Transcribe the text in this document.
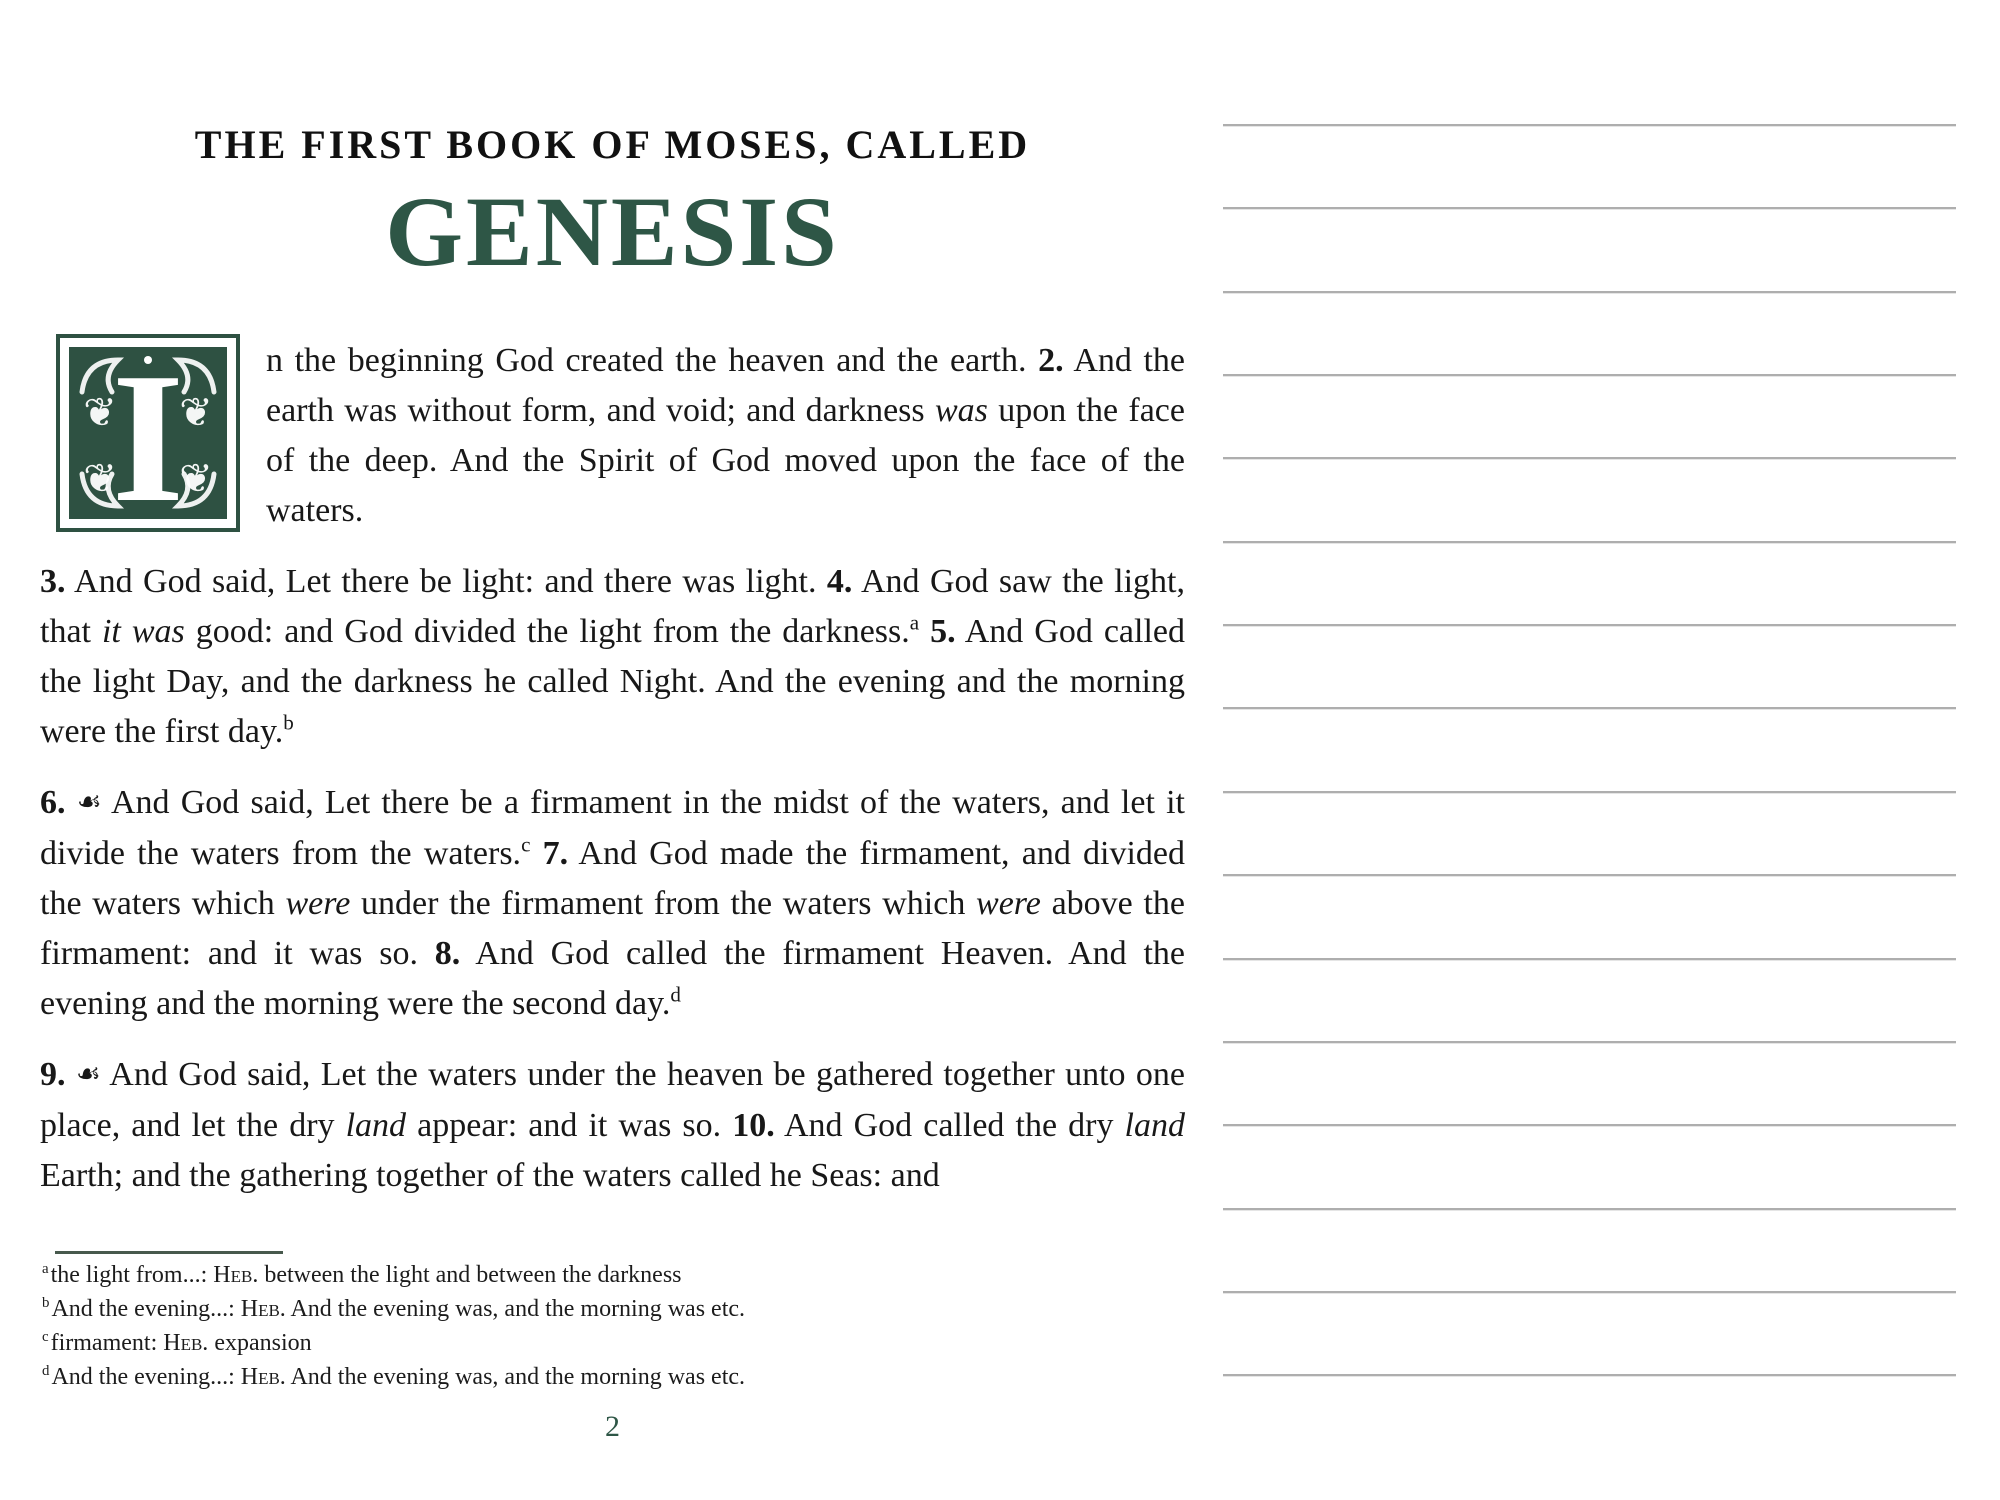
THE FIRST BOOK OF MOSES, CALLED
GENESIS

❦ ❦
❦ ❦
I n the beginning God created the heaven and the earth. 2. And the earth was without form, and void; and darkness was upon the face of the deep. And the Spirit of God moved upon the face of the waters.

3. And God said, Let there be light: and there was light. 4. And God saw the light, that it was good: and God divided the light from the darkness.$^a$ 5. And God called the light Day, and the darkness he called Night. And the evening and the morning were the first day.$^b$

6. ☙ And God said, Let there be a firmament in the midst of the waters, and let it divide the waters from the waters.$^c$ 7. And God made the firmament, and divided the waters which were under the firmament from the waters which were above the firmament: and it was so. 8. And God called the firmament Heaven. And the evening and the morning were the second day.$^d$

9. ☙ And God said, Let the waters under the heaven be gathered together unto one place, and let the dry land appear: and it was so. 10. And God called the dry land Earth; and the gathering together of the waters called he Seas: and

$^a$the light from...: Heb. between the light and between the darkness
$^b$And the evening...: Heb. And the evening was, and the morning was etc.
$^c$firmament: Heb. expansion
$^d$And the evening...: Heb. And the evening was, and the morning was etc.
2
